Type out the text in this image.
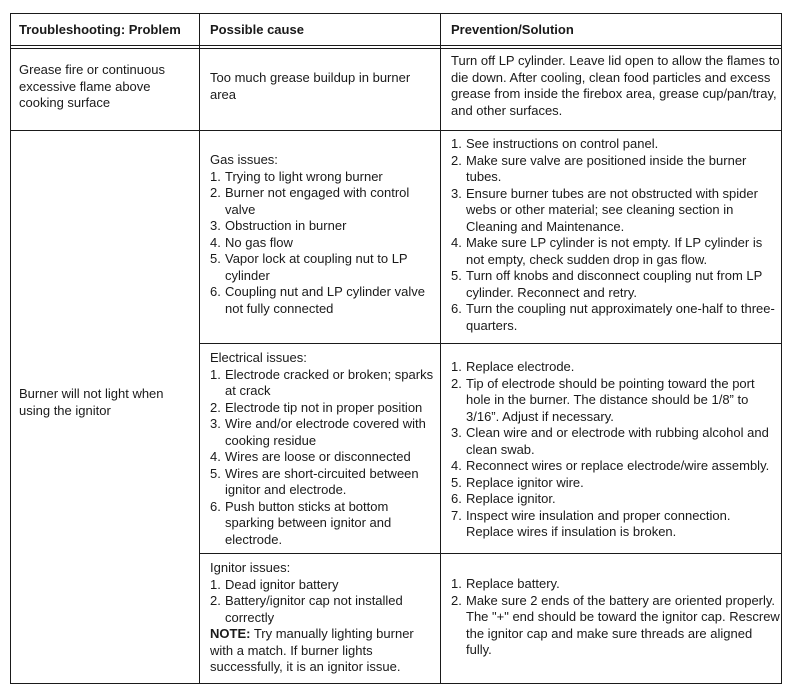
Troubleshooting: Problem Possible cause	Prevention/Solution
Grease fire or continuous excessive flame above cooking surface
Too much grease buildup in burner area
Turn off LP cylinder. Leave lid open to allow the flames to die down. After cooling, clean food particles and excess grease from inside the firebox area, grease cup/pan/tray, and other surfaces.
Burner will not light when using the ignitor

Gas issues:

1. Trying to light wrong burner
2. Burner not engaged with control valve
3. Obstruction in burner
4. No gas flow
5. Vapor lock at coupling nut to LP cylinder
6. Coupling nut and LP cylinder valve not fully connected
1. See instructions on control panel.
2. Make sure valve are positioned inside the burner tubes.
3. Ensure burner tubes are not obstructed with spider webs or other material; see cleaning section in Cleaning and Maintenance.
4. Make sure LP cylinder is not empty. If LP cylinder is not empty, check sudden drop in gas flow.
5. Turn off knobs and disconnect coupling nut from LP cylinder. Reconnect and retry.
6. Turn the coupling nut approximately one-half to three-quarters.

Electrical issues:

1. Electrode cracked or broken; sparks at crack
2. Electrode tip not in proper position
3. Wire and/or electrode covered with cooking residue
4. Wires are loose or disconnected
5. Wires are short-circuited between ignitor and electrode.
6. Push button sticks at bottom sparking between ignitor and electrode.
1. Replace electrode.
2. Tip of electrode should be pointing toward the port hole in the burner. The distance should be 1/8” to 3/16”. Adjust if necessary.
3. Clean wire and or electrode with rubbing alcohol and clean swab.
4. Reconnect wires or replace electrode/wire assembly.
5. Replace ignitor wire.
6. Replace ignitor.
7. Inspect wire insulation and proper connection. Replace wires if insulation is broken.

Ignitor issues:

1. Dead ignitor battery
2. Battery/ignitor cap not installed correctly

NOTE: Try manually lighting burner with a match. If burner lights successfully, it is an ignitor issue.

1. Replace battery.
2. Make sure 2 ends of the battery are oriented properly. The "+" end should be toward the ignitor cap. Rescrew the ignitor cap and make sure threads are aligned fully.
